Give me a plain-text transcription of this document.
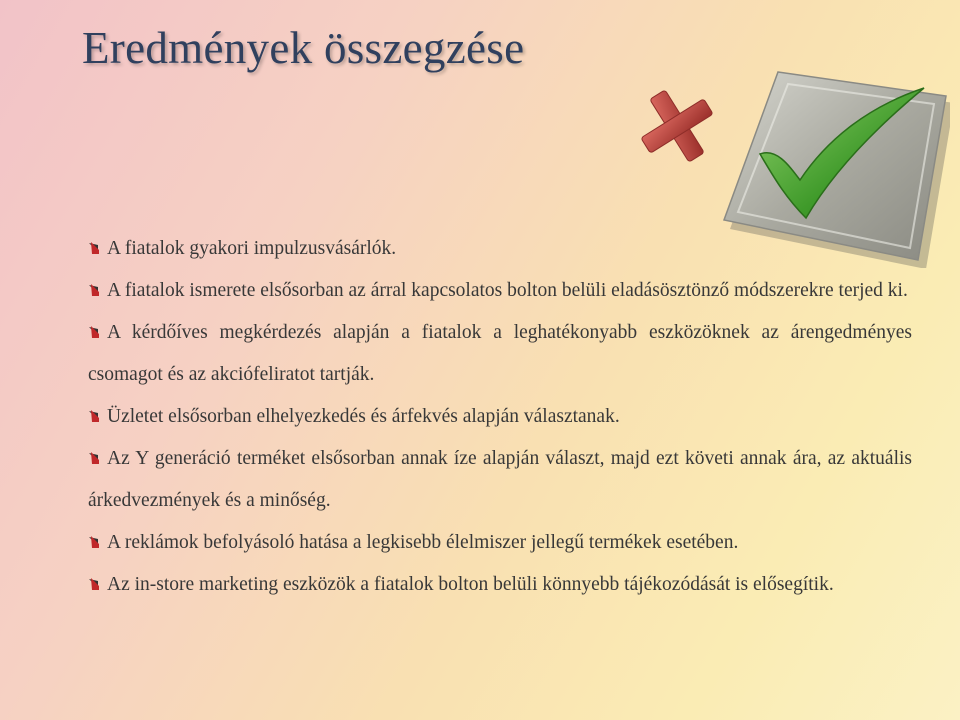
Eredmények összegzése
A fiatalok gyakori impulzusvásárlók.
A fiatalok ismerete elsősorban az árral kapcsolatos bolton belüli eladásösztönző módszerekre terjed ki.
A kérdőíves megkérdezés alapján a fiatalok a leghatékonyabb eszközöknek az árengedményes csomagot és az akciófeliratot tartják.
Üzletet elsősorban elhelyezkedés és árfekvés alapján választanak.
Az Y generáció terméket elsősorban annak íze alapján választ, majd ezt követi annak ára, az aktuális árkedvezmények és a minőség.
A reklámok befolyásoló hatása a legkisebb élelmiszer jellegű termékek esetében.
Az in-store marketing eszközök a fiatalok bolton belüli könnyebb tájékozódását is elősegítik.
